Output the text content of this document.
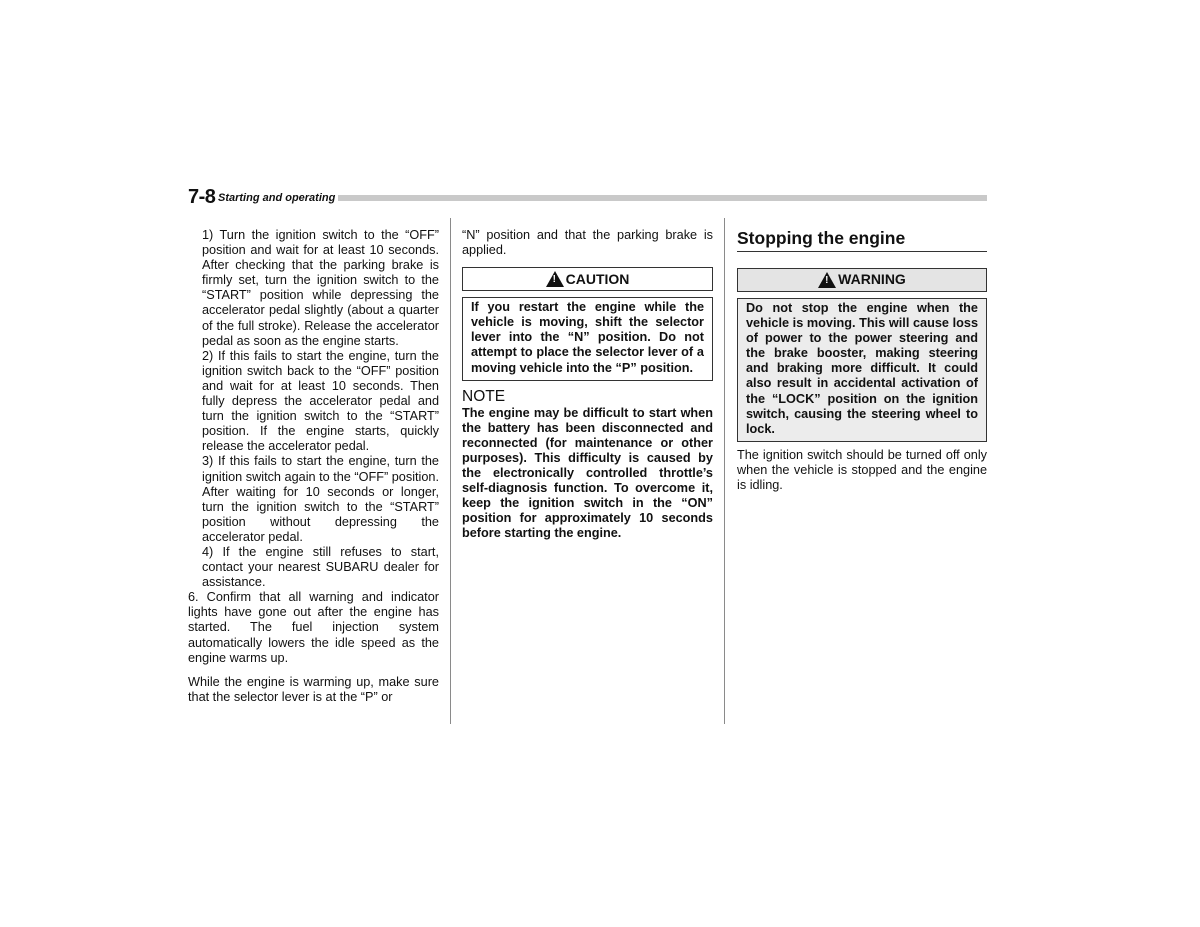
7-8 Starting and operating

1) Turn the ignition switch to the “OFF” position and wait for at least 10 seconds. After checking that the parking brake is firmly set, turn the ignition switch to the “START” position while depressing the accelerator pedal slightly (about a quarter of the full stroke). Release the accelerator pedal as soon as the engine starts.

2) If this fails to start the engine, turn the ignition switch back to the “OFF” position and wait for at least 10 seconds. Then fully depress the accelerator pedal and turn the ignition switch to the “START” position. If the engine starts, quickly release the accelerator pedal.

3) If this fails to start the engine, turn the ignition switch again to the “OFF” position. After waiting for 10 seconds or longer, turn the ignition switch to the “START” position without depressing the accelerator pedal.

4) If the engine still refuses to start, contact your nearest SUBARU dealer for assistance.

6. Confirm that all warning and indicator lights have gone out after the engine has started. The fuel injection system automatically lowers the idle speed as the engine warms up.

While the engine is warming up, make sure that the selector lever is at the “P” or

“N” position and that the parking brake is applied.

! CAUTION
If you restart the engine while the vehicle is moving, shift the selector lever into the “N” position. Do not attempt to place the selector lever of a moving vehicle into the “P” position.

NOTE

The engine may be difficult to start when the battery has been disconnected and reconnected (for maintenance or other purposes). This difficulty is caused by the electronically controlled throttle’s self-diagnosis function. To overcome it, keep the ignition switch in the “ON” position for approximately 10 seconds before starting the engine.

Stopping the engine
! WARNING
Do not stop the engine when the vehicle is moving. This will cause loss of power to the power steering and the brake booster, making steering and braking more difficult. It could also result in accidental activation of the “LOCK” position on the ignition switch, causing the steering wheel to lock.

The ignition switch should be turned off only when the vehicle is stopped and the engine is idling.
